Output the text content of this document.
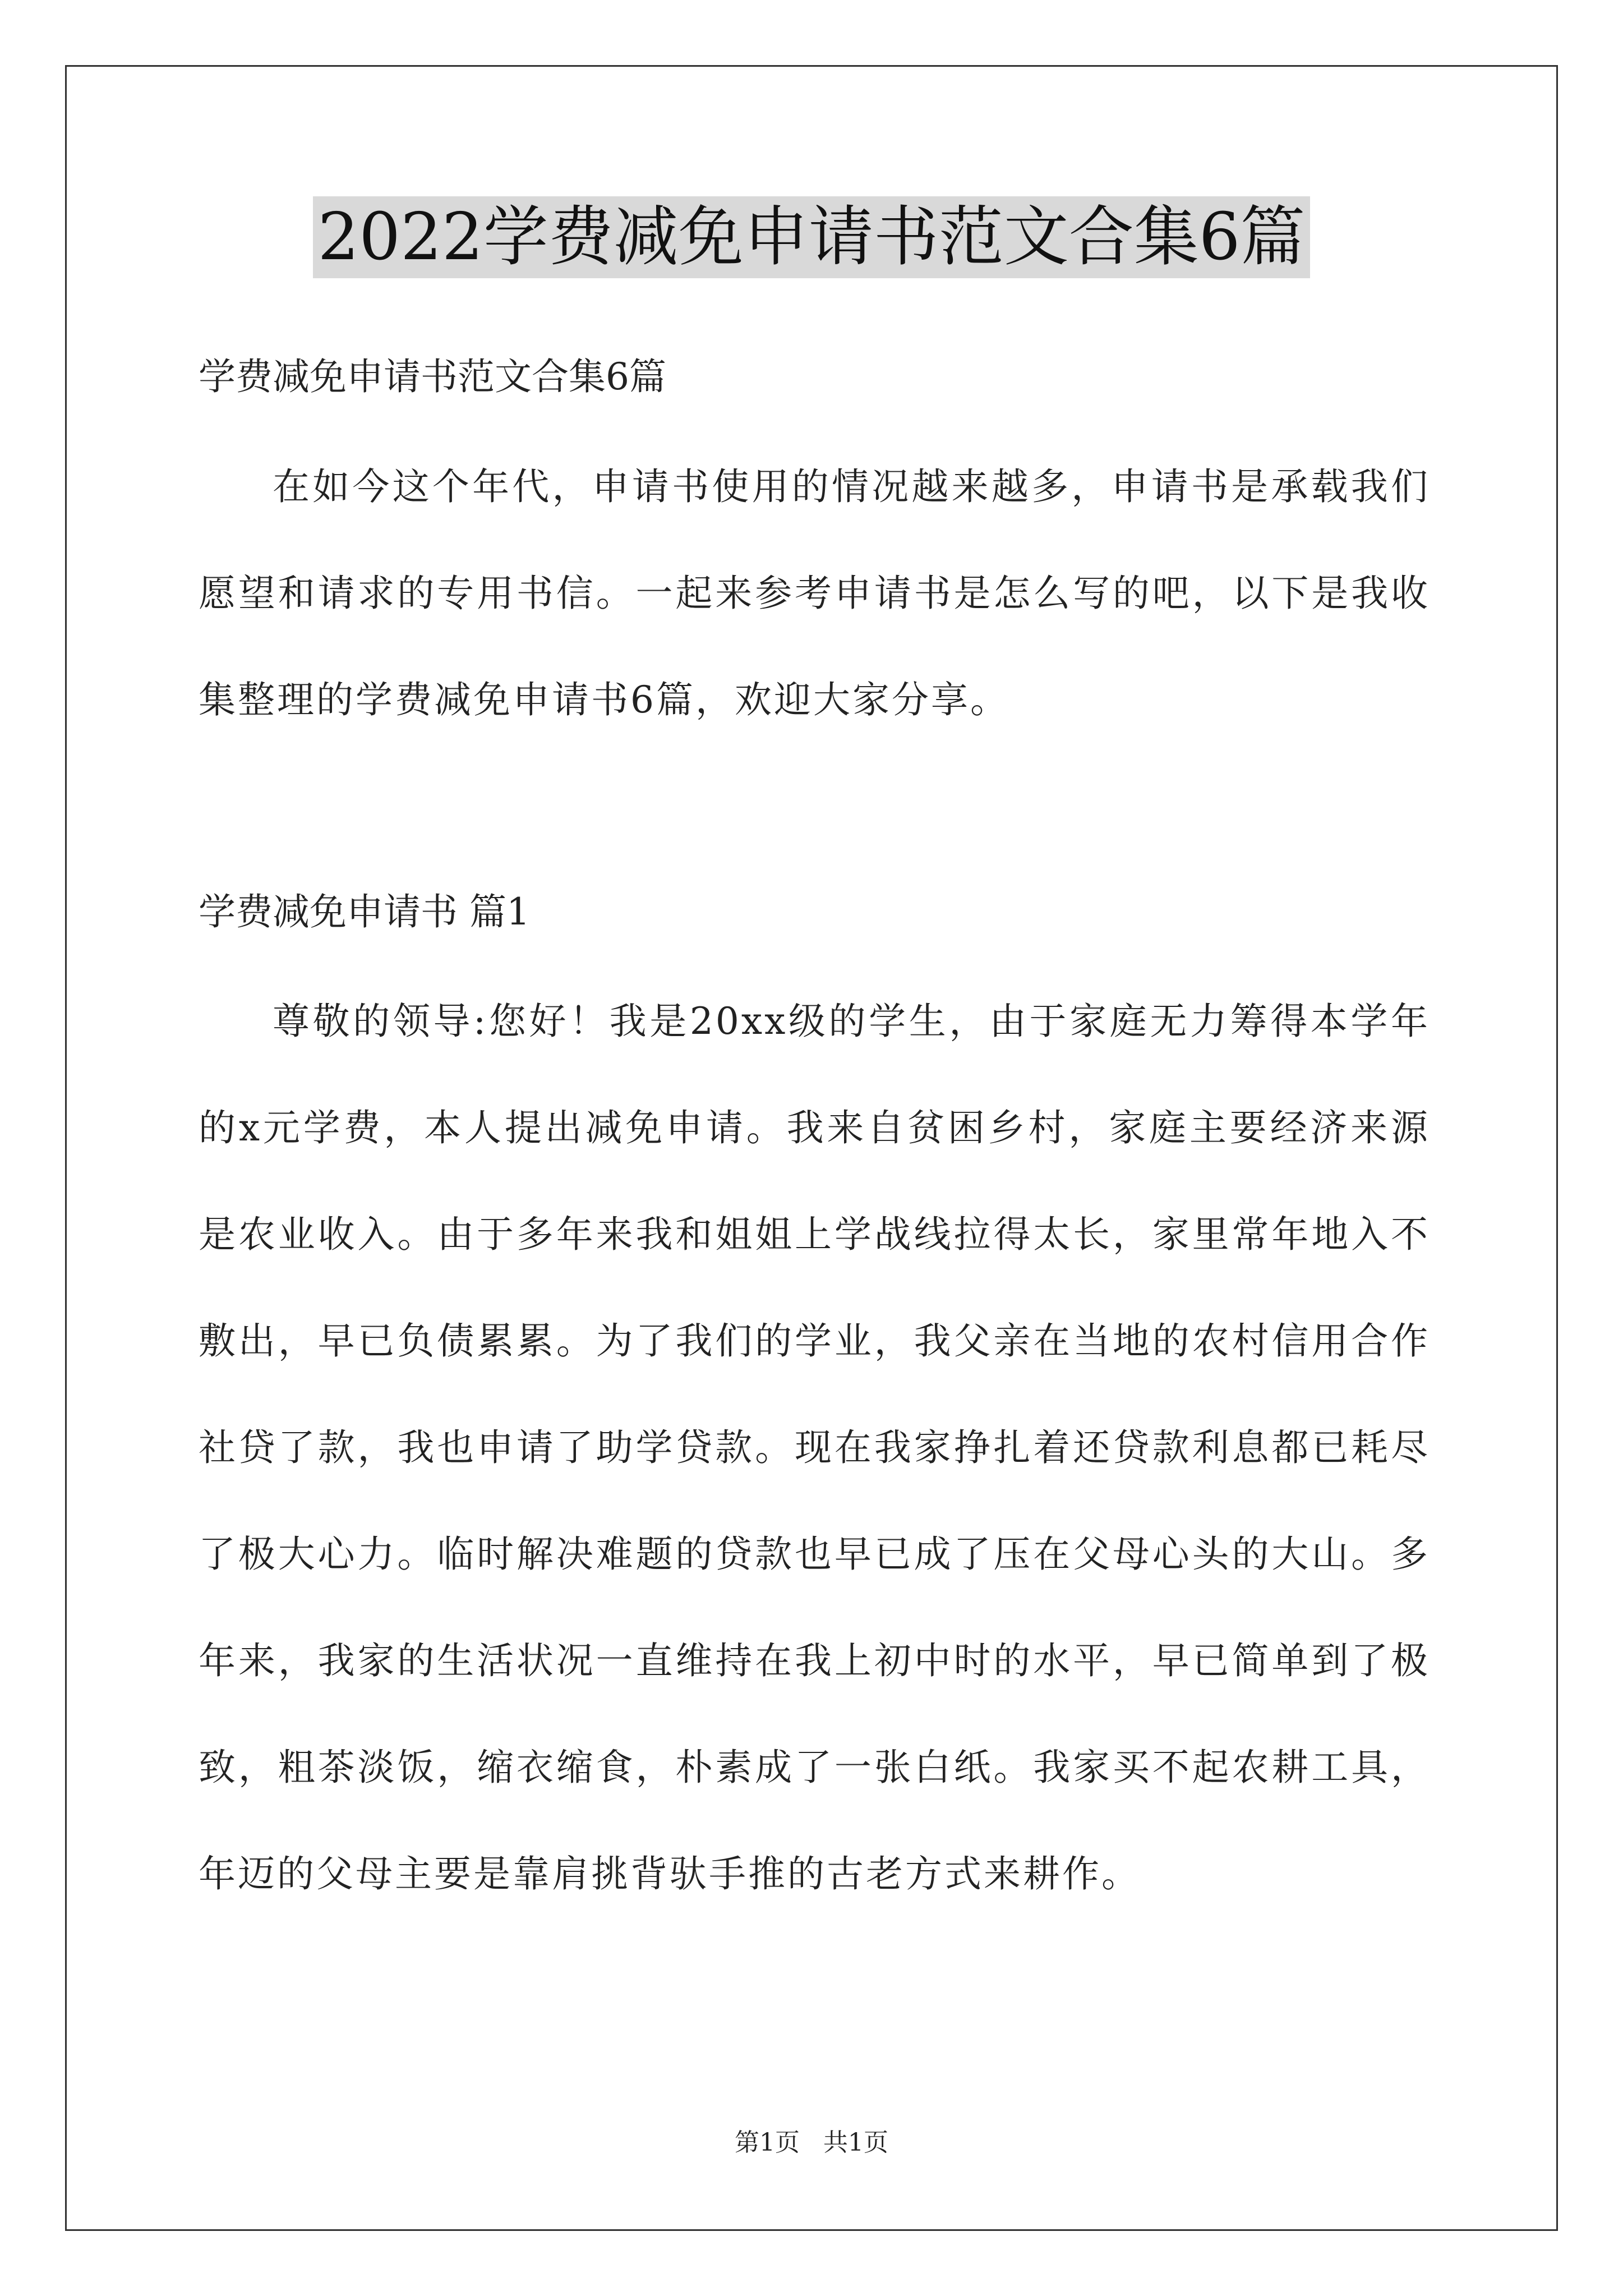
2022学费减免申请书范文合集6篇
学费减免申请书范文合集6篇

在如今这个年代，申请书使用的情况越来越多，申请书是承载我们愿望和请求的专用书信。一起来参考申请书是怎么写的吧，以下是我收集整理的学费减免申请书6篇，欢迎大家分享。

学费减免申请书 篇1

尊敬的领导:您好！我是20xx级的学生，由于家庭无力筹得本学年的x元学费，本人提出减免申请。我来自贫困乡村，家庭主要经济来源是农业收入。由于多年来我和姐姐上学战线拉得太长，家里常年地入不敷出，早已负债累累。为了我们的学业，我父亲在当地的农村信用合作社贷了款，我也申请了助学贷款。现在我家挣扎着还贷款利息都已耗尽了极大心力。临时解决难题的贷款也早已成了压在父母心头的大山。多年来，我家的生活状况一直维持在我上初中时的水平，早已简单到了极致，粗茶淡饭，缩衣缩食，朴素成了一张白纸。我家买不起农耕工具，年迈的父母主要是靠肩挑背驮手推的古老方式来耕作。

第1页 共1页
